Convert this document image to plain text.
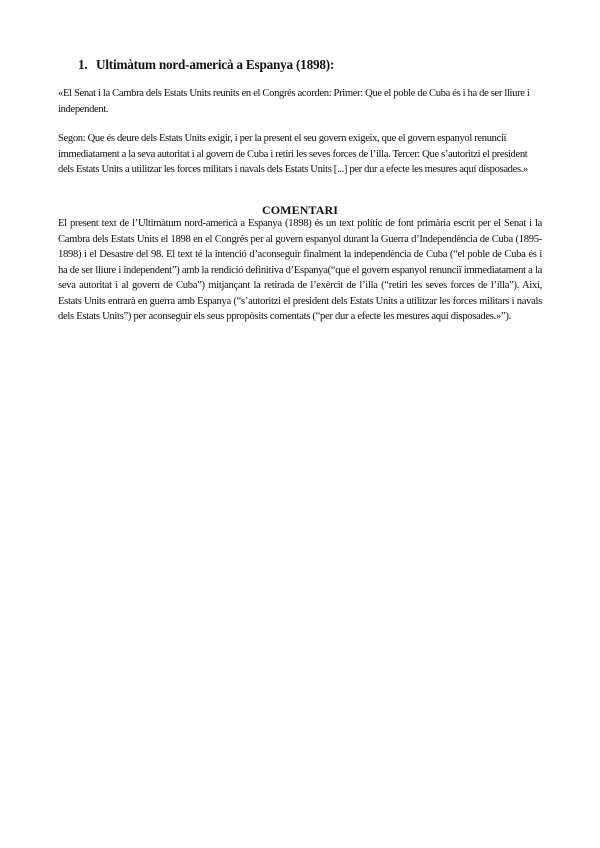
1. Ultimàtum nord-americà a Espanya (1898):

«El Senat i la Cambra dels Estats Units reunits en el Congrés acorden: Primer: Que el poble de Cuba és i ha de ser lliure i independent.

Segon: Que és deure dels Estats Units exigir, i per la present el seu govern exigeix, que el govern espanyol renunciï immediatament a la seva autoritat i al govern de Cuba i retiri les seves forces de l’illa. Tercer: Que s’autoritzi el president dels Estats Units a utilitzar les forces militars i navals dels Estats Units [...] per dur a efecte les mesures aquí disposades.»

COMENTARI

El present text de l’Ultimàtum nord-americà a Espanya (1898) és un text polític de font primària escrit per el Senat i la Cambra dels Estats Units el 1898 en el Congrés per al govern espanyol durant la Guerra d’Independència de Cuba (1895-1898) i el Desastre del 98. El text té la intenció d’aconseguir finalment la independència de Cuba (“el poble de Cuba és i ha de ser lliure i independent”) amb la rendició definitiva d’Espanya(“que el govern espanyol renunciï immediatament a la seva autoritat i al govern de Cuba”) mitjançant la retirada de l’exèrcit de l’illa (“retiri les seves forces de l’illa”). Així, Estats Units entrarà en guerra amb Espanya (“s’autoritzi el president dels Estats Units a utilitzar les forces militars i navals dels Estats Units”) per aconseguir els seus ppropòsits comentats (“per dur a efecte les mesures aquí disposades.»”).
